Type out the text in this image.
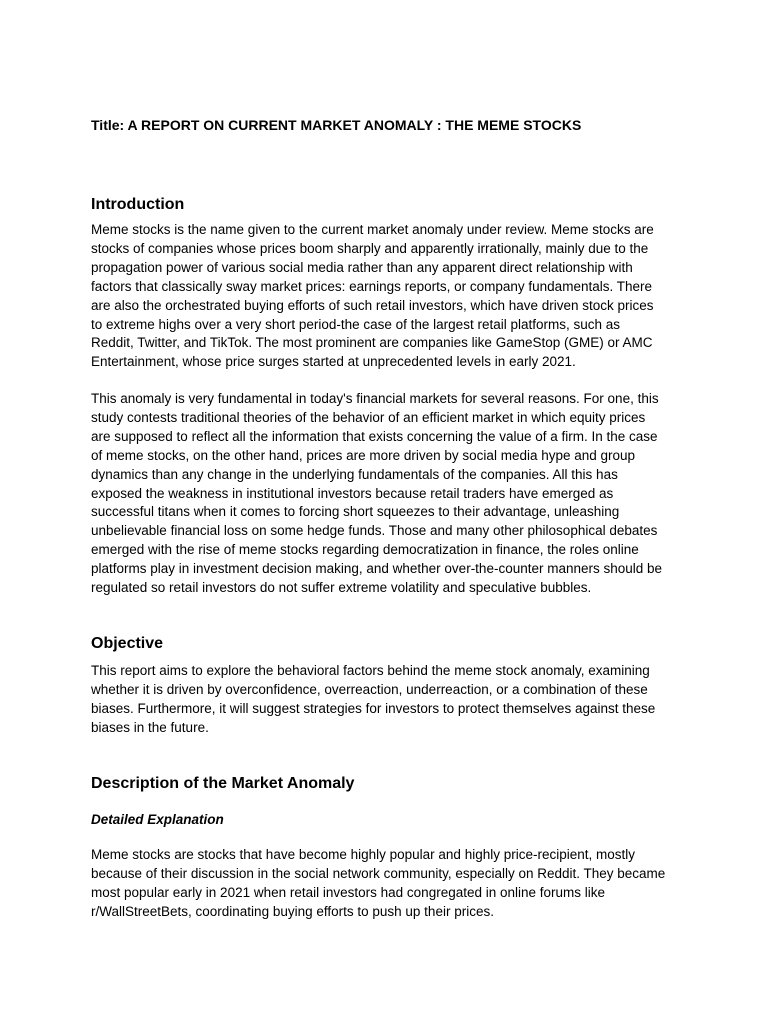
Title: A REPORT ON CURRENT MARKET ANOMALY : THE MEME STOCKS
Introduction

Meme stocks is the name given to the current market anomaly under review. Meme stocks are
stocks of companies whose prices boom sharply and apparently irrationally, mainly due to the
propagation power of various social media rather than any apparent direct relationship with
factors that classically sway market prices: earnings reports, or company fundamentals. There
are also the orchestrated buying efforts of such retail investors, which have driven stock prices
to extreme highs over a very short period-the case of the largest retail platforms, such as
Reddit, Twitter, and TikTok. The most prominent are companies like GameStop (GME) or AMC
Entertainment, whose price surges started at unprecedented levels in early 2021.

This anomaly is very fundamental in today's financial markets for several reasons. For one, this
study contests traditional theories of the behavior of an efficient market in which equity prices
are supposed to reflect all the information that exists concerning the value of a firm. In the case
of meme stocks, on the other hand, prices are more driven by social media hype and group
dynamics than any change in the underlying fundamentals of the companies. All this has
exposed the weakness in institutional investors because retail traders have emerged as
successful titans when it comes to forcing short squeezes to their advantage, unleashing
unbelievable financial loss on some hedge funds. Those and many other philosophical debates
emerged with the rise of meme stocks regarding democratization in finance, the roles online
platforms play in investment decision making, and whether over-the-counter manners should be
regulated so retail investors do not suffer extreme volatility and speculative bubbles.

Objective

This report aims to explore the behavioral factors behind the meme stock anomaly, examining
whether it is driven by overconfidence, overreaction, underreaction, or a combination of these
biases. Furthermore, it will suggest strategies for investors to protect themselves against these
biases in the future.

Description of the Market Anomaly
Detailed Explanation

Meme stocks are stocks that have become highly popular and highly price-recipient, mostly
because of their discussion in the social network community, especially on Reddit. They became
most popular early in 2021 when retail investors had congregated in online forums like
r/WallStreetBets, coordinating buying efforts to push up their prices.
